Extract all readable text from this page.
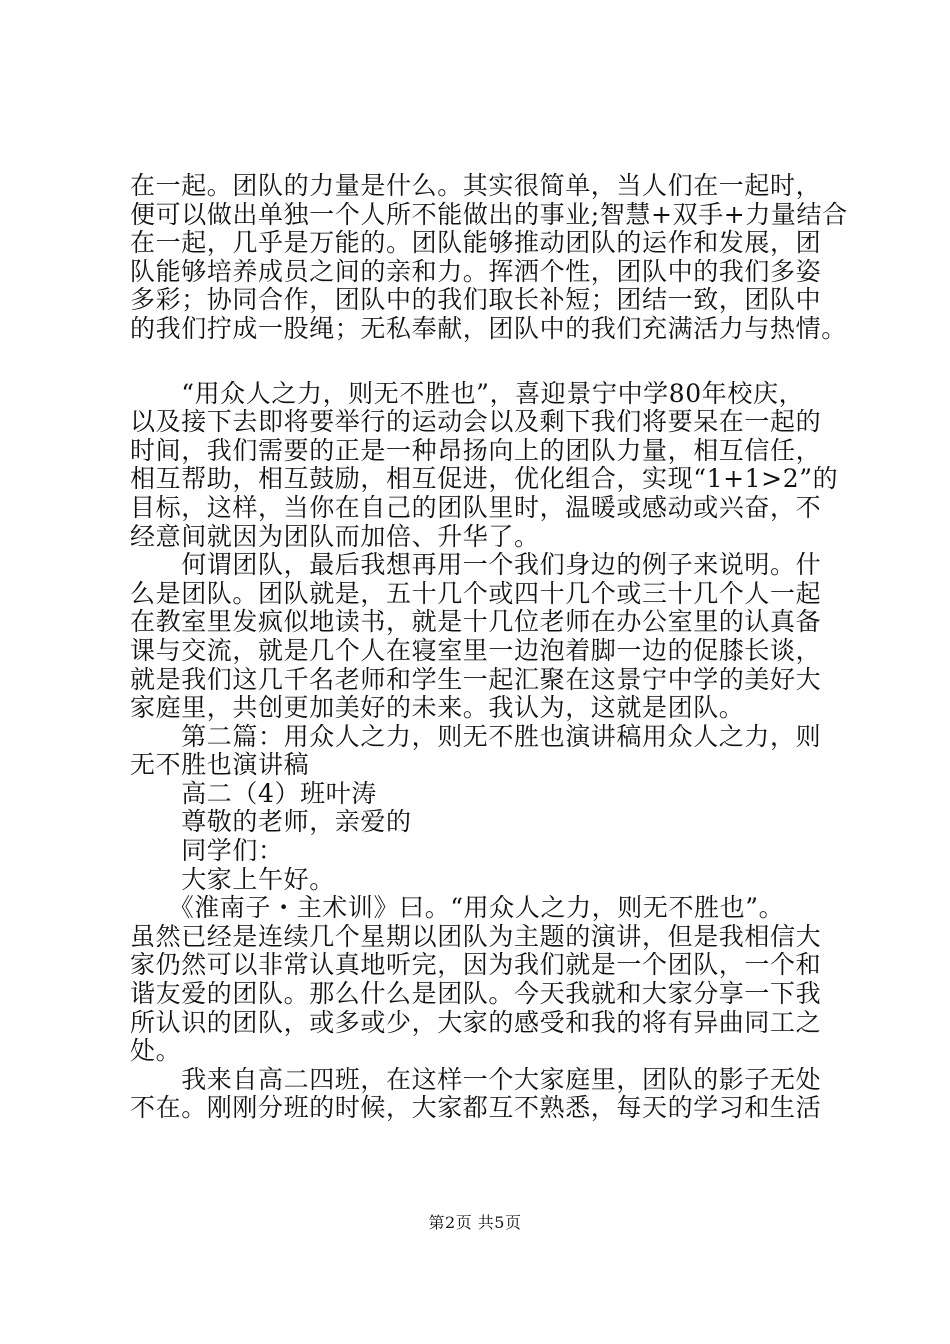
在一起。团队的力量是什么。其实很简单，当人们在一起时，
便可以做出单独一个人所不能做出的事业;智慧+双手+力量结合
在一起，几乎是万能的。团队能够推动团队的运作和发展，团
队能够培养成员之间的亲和力。挥洒个性，团队中的我们多姿
多彩；协同合作，团队中的我们取长补短；团结一致，团队中
的我们拧成一股绳；无私奉献，团队中的我们充满活力与热情。
　　“用众人之力，则无不胜也”，喜迎景宁中学80年校庆，
以及接下去即将要举行的运动会以及剩下我们将要呆在一起的
时间，我们需要的正是一种昂扬向上的团队力量，相互信任，
相互帮助，相互鼓励，相互促进，优化组合，实现“1+1>2”的
目标，这样，当你在自己的团队里时，温暖或感动或兴奋，不
经意间就因为团队而加倍、升华了。
　　何谓团队，最后我想再用一个我们身边的例子来说明。什
么是团队。团队就是，五十几个或四十几个或三十几个人一起
在教室里发疯似地读书，就是十几位老师在办公室里的认真备
课与交流，就是几个人在寝室里一边泡着脚一边的促膝长谈，
就是我们这几千名老师和学生一起汇聚在这景宁中学的美好大
家庭里，共创更加美好的未来。我认为，这就是团队。
　　第二篇：用众人之力，则无不胜也演讲稿用众人之力，则
无不胜也演讲稿
　　高二（4）班叶涛
　　尊敬的老师，亲爱的
　　同学们：
　　大家上午好。
　　《淮南子・主术训》曰。“用众人之力，则无不胜也”。
虽然已经是连续几个星期以团队为主题的演讲，但是我相信大
家仍然可以非常认真地听完，因为我们就是一个团队，一个和
谐友爱的团队。那么什么是团队。今天我就和大家分享一下我
所认识的团队，或多或少，大家的感受和我的将有异曲同工之
处。
　　我来自高二四班，在这样一个大家庭里，团队的影子无处
不在。刚刚分班的时候，大家都互不熟悉，每天的学习和生活
第2页 共5页
